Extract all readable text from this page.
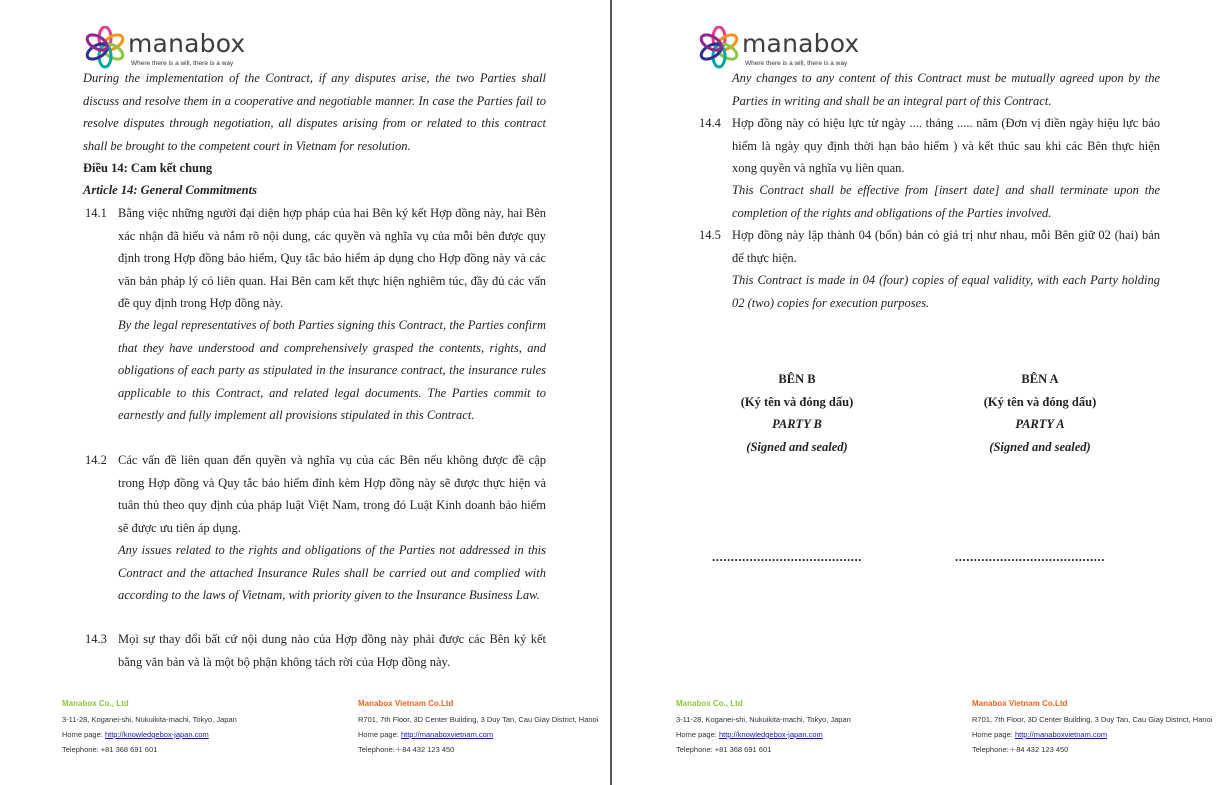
manabox
Where there is a will, there is a way
During the implementation of the Contract, if any disputes arise, the two Parties shall discuss and resolve them in a cooperative and negotiable manner. In case the Parties fail to resolve disputes through negotiation, all disputes arising from or related to this contract shall be brought to the competent court in Vietnam for resolution.
Điều 14: Cam kết chung
Article 14: General Commitments
14.1 Bằng việc những người đại diện hợp pháp của hai Bên ký kết Hợp đồng này, hai Bên xác nhận đã hiểu và nắm rõ nội dung, các quyền và nghĩa vụ của mỗi bên được quy định trong Hợp đồng bảo hiểm, Quy tắc bảo hiểm áp dụng cho Hợp đồng này và các văn bản pháp lý có liên quan. Hai Bên cam kết thực hiện nghiêm túc, đầy đủ các vấn đề quy định trong Hợp đồng này.
By the legal representatives of both Parties signing this Contract, the Parties confirm that they have understood and comprehensively grasped the contents, rights, and obligations of each party as stipulated in the insurance contract, the insurance rules applicable to this Contract, and related legal documents. The Parties commit to earnestly and fully implement all provisions stipulated in this Contract.
14.2 Các vấn đề liên quan đến quyền và nghĩa vụ của các Bên nếu không được đề cập trong Hợp đồng và Quy tắc bảo hiểm đính kèm Hợp đồng này sẽ được thực hiện và tuân thủ theo quy định của pháp luật Việt Nam, trong đó Luật Kinh doanh bảo hiểm sẽ được ưu tiên áp dụng.
Any issues related to the rights and obligations of the Parties not addressed in this Contract and the attached Insurance Rules shall be carried out and complied with according to the laws of Vietnam, with priority given to the Insurance Business Law.
14.3 Mọi sự thay đổi bất cứ nội dung nào của Hợp đồng này phải được các Bên ký kết bằng văn bản và là một bộ phận không tách rời của Hợp đồng này.
Manabox Co., Ltd
3-11-28, Koganei-shi, Nukuikita-machi, Tokyo, Japan
Home page: http://knowledgebox-japan.com
Telephone: +81 368 691 601
Manabox Vietnam Co.Ltd
R701, 7th Floor, 3D Center Building, 3 Duy Tan, Cau Giay District, Hanoi
Home page: http://manaboxvietnam.com
Telephone:＋84 432 123 450
manabox
Where there is a will, there is a way
Any changes to any content of this Contract must be mutually agreed upon by the Parties in writing and shall be an integral part of this Contract.
14.4 Hợp đồng này có hiệu lực từ ngày .... tháng ..... năm (Đơn vị điền ngày hiệu lực bảo hiểm là ngày quy định thời hạn bảo hiểm ) và kết thúc sau khi các Bên thực hiện xong quyền và nghĩa vụ liên quan.
This Contract shall be effective from [insert date] and shall terminate upon the completion of the rights and obligations of the Parties involved.
14.5 Hợp đồng này lập thành 04 (bốn) bản có giá trị như nhau, mỗi Bên giữ 02 (hai) bản để thực hiện.
This Contract is made in 04 (four) copies of equal validity, with each Party holding 02 (two) copies for execution purposes.
BÊN B
(Ký tên và đóng dấu)
PARTY B
(Signed and sealed)
........................................
BÊN A
(Ký tên và đóng dấu)
PARTY A
(Signed and sealed)
........................................
Manabox Co., Ltd
3-11-28, Koganei-shi, Nukuikita-machi, Tokyo, Japan
Home page: http://knowledgebox-japan.com
Telephone: +81 368 691 601
Manabox Vietnam Co.Ltd
R701, 7th Floor, 3D Center Building, 3 Duy Tan, Cau Giay District, Hanoi
Home page: http://manaboxvietnam.com
Telephone:＋84 432 123 450
